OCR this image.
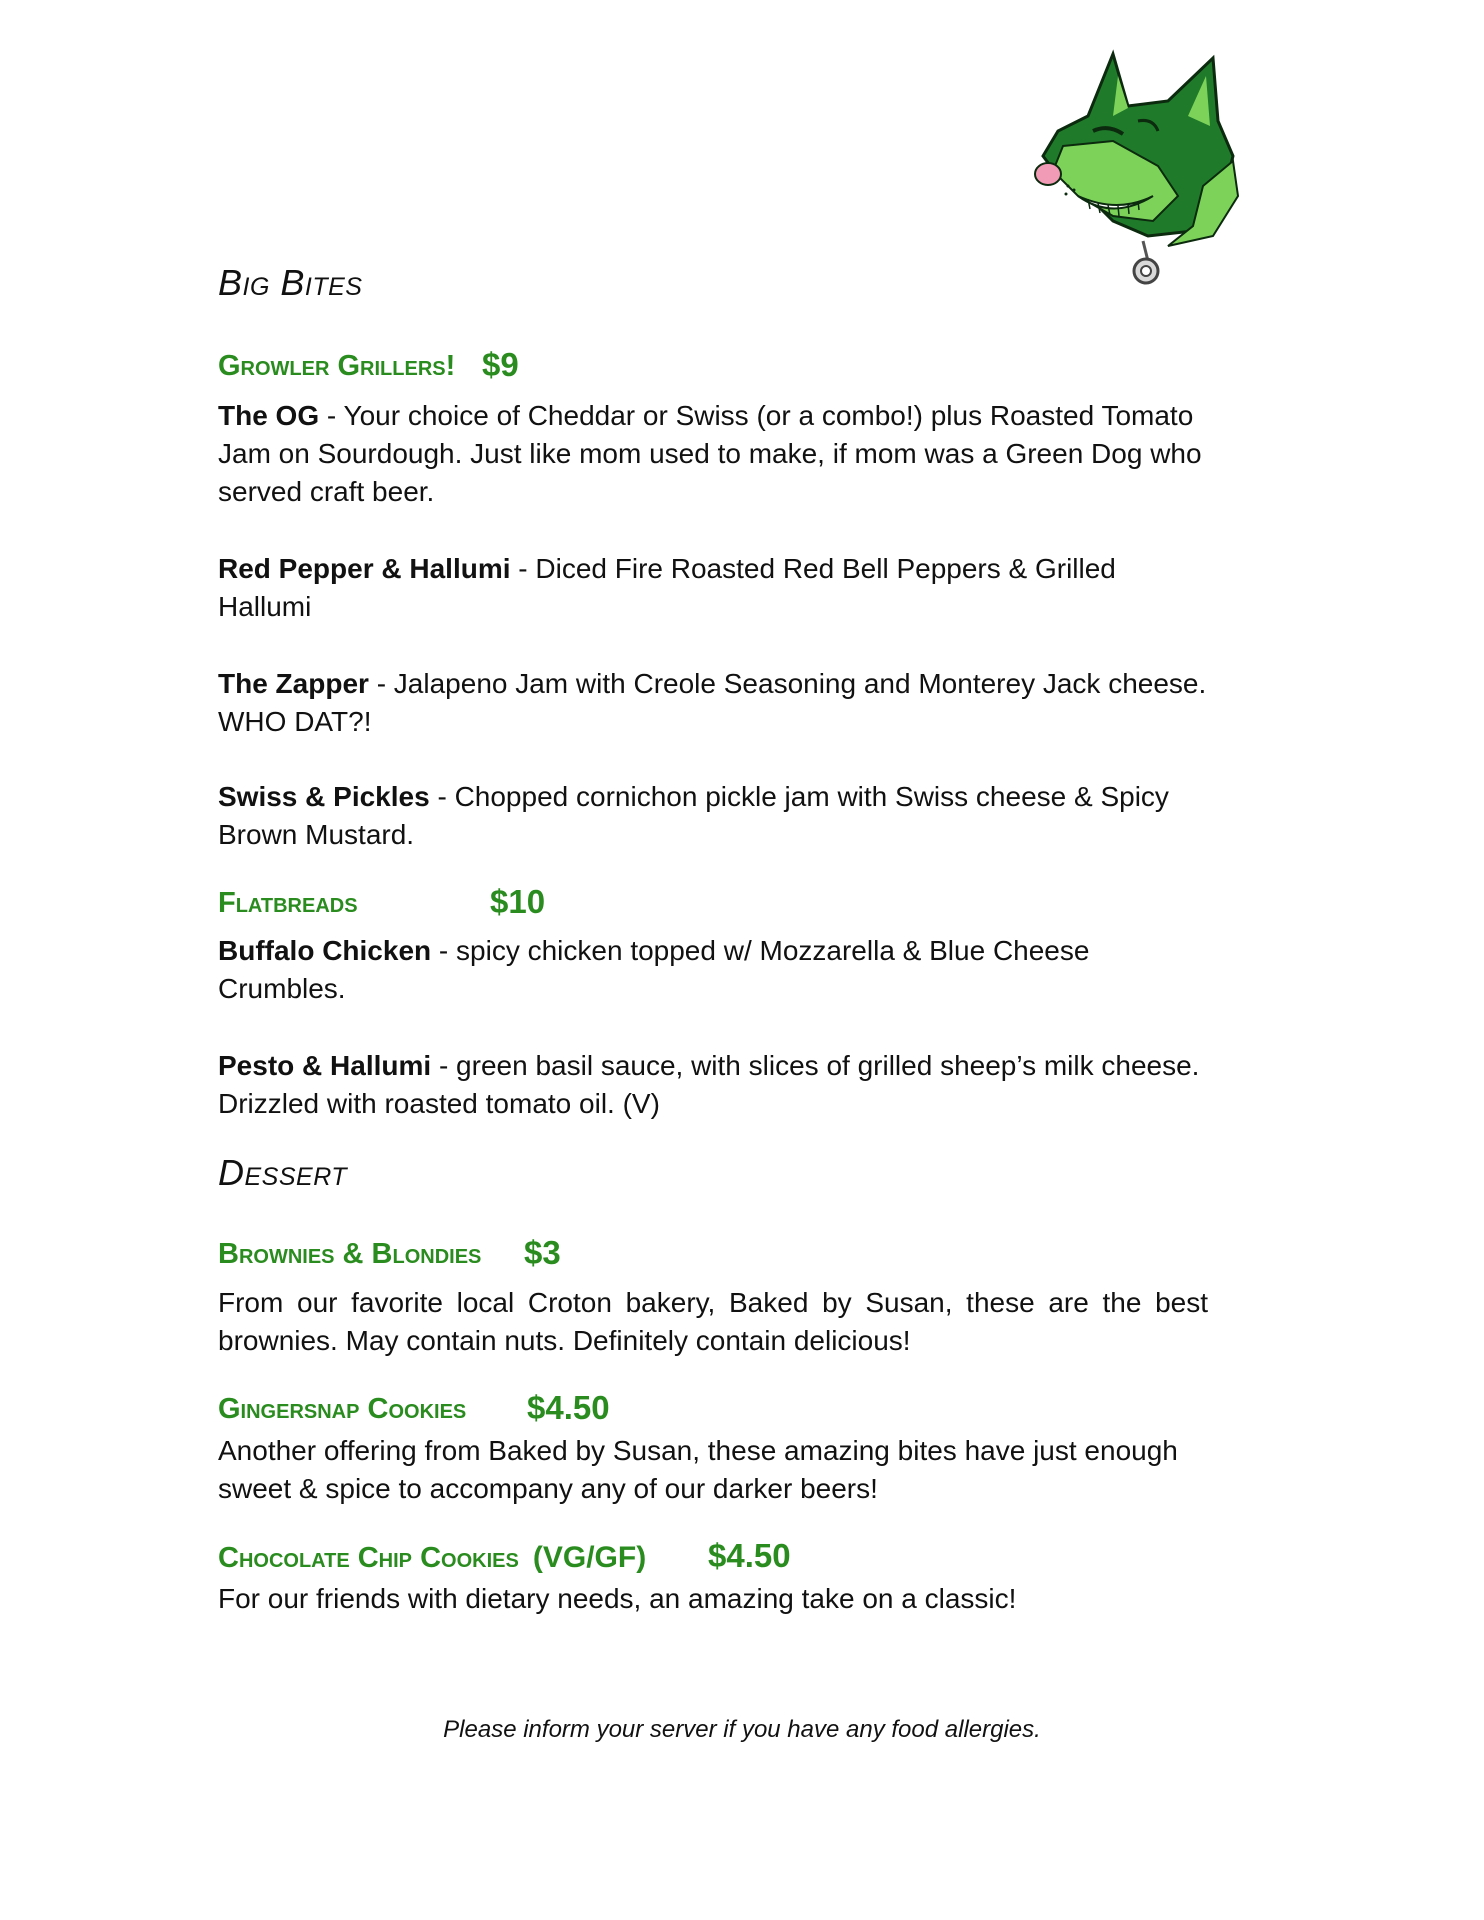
Big Bites
Growler Grillers! $9
The OG - Your choice of Cheddar or Swiss (or a combo!) plus Roasted Tomato Jam on Sourdough. Just like mom used to make, if mom was a Green Dog who served craft beer.
Red Pepper & Hallumi - Diced Fire Roasted Red Bell Peppers & Grilled Hallumi
The Zapper - Jalapeno Jam with Creole Seasoning and Monterey Jack cheese. WHO DAT?!
Swiss & Pickles - Chopped cornichon pickle jam with Swiss cheese & Spicy Brown Mustard.
Flatbreads	$10
Buffalo Chicken - spicy chicken topped w/ Mozzarella & Blue Cheese Crumbles.
Pesto & Hallumi - green basil sauce, with slices of grilled sheep’s milk cheese. Drizzled with roasted tomato oil. (V)
Dessert
Brownies & Blondies $3
From our favorite local Croton bakery, Baked by Susan, these are the best brownies. May contain nuts. Definitely contain delicious!
Gingersnap Cookies $4.50
Another offering from Baked by Susan, these amazing bites have just enough sweet & spice to accompany any of our darker beers!
Chocolate Chip Cookies (VG/GF) $4.50
For our friends with dietary needs, an amazing take on a classic!
Please inform your server if you have any food allergies.
